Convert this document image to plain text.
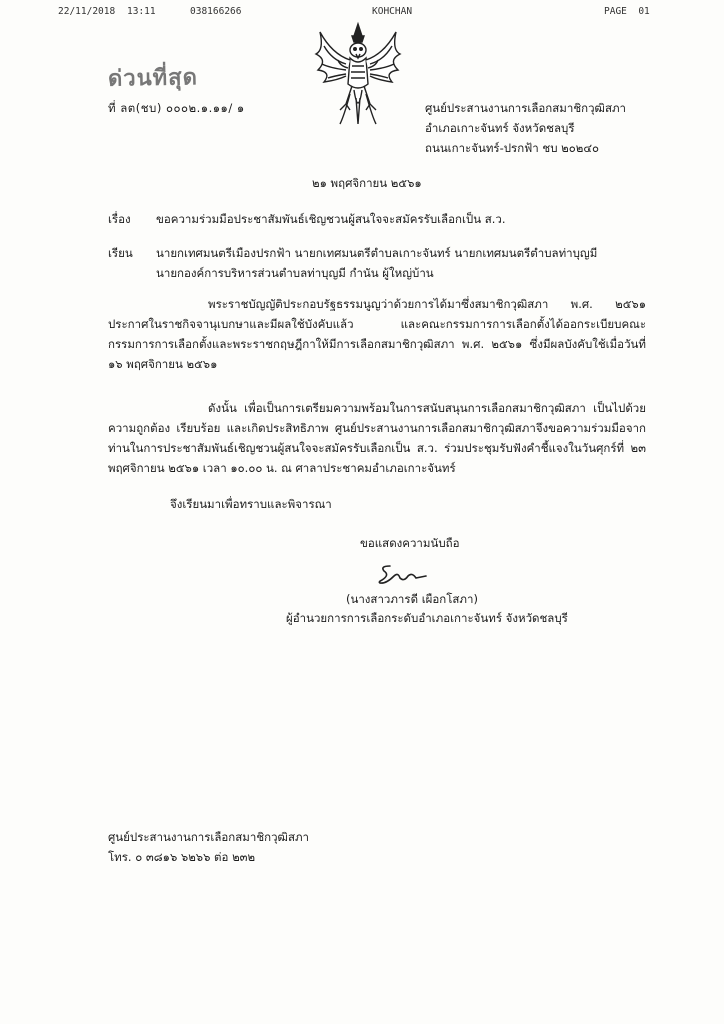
22/11/2018 13:11	038166266	KOHCHAN	PAGE  01
ด่วนที่สุด
ที่ ลต(ชบ) ๐๐๐๒.๑.๑๑/ ๑	ศูนย์ประสานงานการเลือกสมาชิกวุฒิสภา
อำเภอเกาะจันทร์ จังหวัดชลบุรี
ถนนเกาะจันทร์-ปรกฟ้า ชบ ๒๐๒๔๐
๒๑ พฤศจิกายน ๒๕๖๑
เรื่อง ขอความร่วมมือประชาสัมพันธ์เชิญชวนผู้สนใจจะสมัครรับเลือกเป็น ส.ว.
เรียน นายกเทศมนตรีเมืองปรกฟ้า นายกเทศมนตรีตำบลเกาะจันทร์ นายกเทศมนตรีตำบลท่าบุญมี
นายกองค์การบริหารส่วนตำบลท่าบุญมี กำนัน ผู้ใหญ่บ้าน
พระราชบัญญัติประกอบรัฐธรรมนูญว่าด้วยการได้มาซึ่งสมาชิกวุฒิสภา พ.ศ. ๒๕๖๑ ประกาศในราชกิจจานุเบกษาและมีผลใช้บังคับแล้ว และคณะกรรมการการเลือกตั้งได้ออกระเบียบคณะกรรมการการเลือกตั้งและพระราชกฤษฎีกาให้มีการเลือกสมาชิกวุฒิสภา พ.ศ. ๒๕๖๑ ซึ่งมีผลบังคับใช้เมื่อวันที่ ๑๖ พฤศจิกายน ๒๕๖๑
ดังนั้น เพื่อเป็นการเตรียมความพร้อมในการสนับสนุนการเลือกสมาชิกวุฒิสภา เป็นไปด้วยความถูกต้อง เรียบร้อย และเกิดประสิทธิภาพ ศูนย์ประสานงานการเลือกสมาชิกวุฒิสภาจึงขอความร่วมมือจากท่านในการประชาสัมพันธ์เชิญชวนผู้สนใจจะสมัครรับเลือกเป็น ส.ว. ร่วมประชุมรับฟังคำชี้แจงในวันศุกร์ที่ ๒๓ พฤศจิกายน ๒๕๖๑ เวลา ๑๐.๐๐ น. ณ ศาลาประชาคมอำเภอเกาะจันทร์
จึงเรียนมาเพื่อทราบและพิจารณา
ขอแสดงความนับถือ
(นางสาวภารดี เผือกโสภา)
ผู้อำนวยการการเลือกระดับอำเภอเกาะจันทร์ จังหวัดชลบุรี
ศูนย์ประสานงานการเลือกสมาชิกวุฒิสภา
โทร. ๐ ๓๘๑๖ ๖๒๖๖ ต่อ ๒๓๒
